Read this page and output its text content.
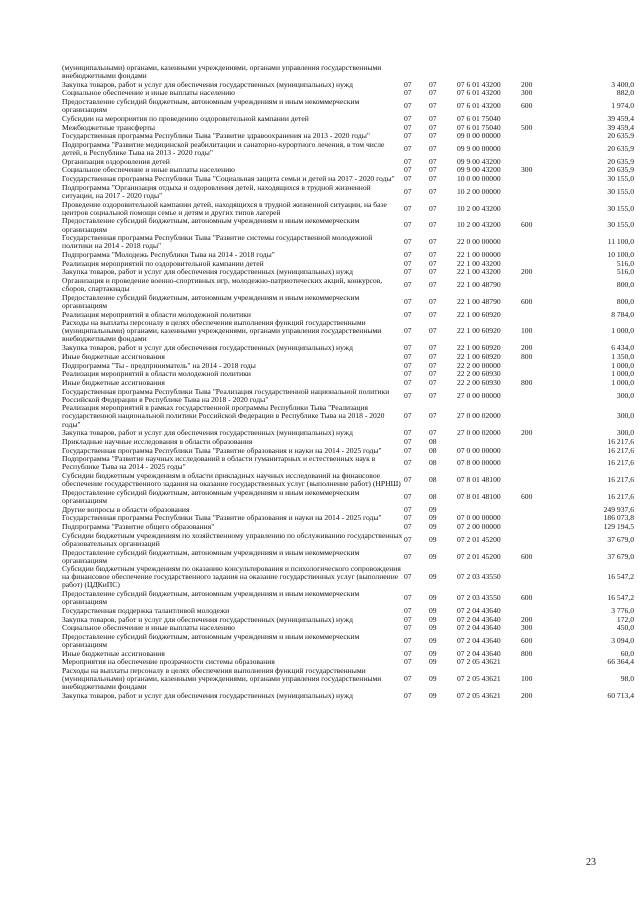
(муниципальными) органами, казенными учреждениями, органами управления государственными внебюджетными фондами					
Закупка товаров, работ и услуг для обеспечения государственных (муниципальных) нужд	07	07	07 6 01 43200	200	3 400,0
Социальное обеспечение и иные выплаты населению	07	07	07 6 01 43200	300	882,0
Предоставление субсидий бюджетным, автономным учреждениям и иным некоммерческим организациям	07	07	07 6 01 43200	600	1 974,0
Субсидии на мероприятия по проведению оздоровительной кампании детей	07	07	07 6 01 75040		39 459,4
Межбюджетные трансферты	07	07	07 6 01 75040	500	39 459,4
Государственная программа Республики Тыва "Развитие здравоохранения на 2013 - 2020 годы"	07	07	09 0 00 00000		20 635,9
Подпрограмма "Развитие медицинской реабилитации и санаторно-курортного лечения, в том числе детей, в Республике Тыва на 2013 - 2020 годы"	07	07	09 9 00 00000		20 635,9
Организация оздоровления детей	07	07	09 9 00 43200		20 635,9
Социальное обеспечение и иные выплаты населению	07	07	09 9 00 43200	300	20 635,9
Государственная программа Республики Тыва "Социальная защита семьи и детей на 2017 - 2020 годы"	07	07	10 0 00 00000		30 155,0
Подпрограмма "Организация отдыха и оздоровления детей, находящихся в трудной жизненной ситуации, на 2017 - 2020 годы"	07	07	10 2 00 00000		30 155,0
Проведение оздоровительной кампании детей, находящихся в трудной жизненной ситуации, на базе центров социальной помощи семье и детям и других типов лагерей	07	07	10 2 00 43200		30 155,0
Предоставление субсидий бюджетным, автономным учреждениям и иным некоммерческим организациям	07	07	10 2 00 43200	600	30 155,0
Государственная программа Республики Тыва "Развитие системы государственной молодежной политики на 2014 - 2018 годы"	07	07	22 0 00 00000		11 100,0
Подпрограмма "Молодежь Республики Тыва на 2014 - 2018 годы"	07	07	22 1 00 00000		10 100,0
Реализация мероприятий по оздоровительной кампании детей	07	07	22 1 00 43200		516,0
Закупка товаров, работ и услуг для обеспечения государственных (муниципальных) нужд	07	07	22 1 00 43200	200	516,0
Организация и проведение военно-спортивных игр, молодежно-патриотических акций, конкурсов, сборов, спартакиады	07	07	22 1 00 48790		800,0
Предоставление субсидий бюджетным, автономным учреждениям и иным некоммерческим организациям	07	07	22 1 00 48790	600	800,0
Реализация мероприятий в области молодежной политики	07	07	22 1 00 60920		8 784,0
Расходы на выплаты персоналу в целях обеспечения выполнения функций государственными (муниципальными) органами, казенными учреждениями, органами управления государственными внебюджетными фондами	07	07	22 1 00 60920	100	1 000,0
Закупка товаров, работ и услуг для обеспечения государственных (муниципальных) нужд	07	07	22 1 00 60920	200	6 434,0
Иные бюджетные ассигнования	07	07	22 1 00 60920	800	1 350,0
Подпрограмма "Ты - предприниматель" на 2014 - 2018 годы	07	07	22 2 00 00000		1 000,0
Реализация мероприятий в области молодежной политики	07	07	22 2 00 60930		1 000,0
Иные бюджетные ассигнования	07	07	22 2 00 60930	800	1 000,0
Государственная программа Республики Тыва "Реализация государственной национальной политики Российской Федерации в Республике Тыва на 2018 - 2020 годы"	07	07	27 0 00 00000		300,0
Реализация мероприятий в рамках государственной программы Республики Тыва "Реализация государственной национальной политики Российской Федерации в Республике Тыва на 2018 - 2020 годы"	07	07	27 0 00 02000		300,0
Закупка товаров, работ и услуг для обеспечения государственных (муниципальных) нужд	07	07	27 0 00 02000	200	300,0
Прикладные научные исследования в области образования	07	08			16 217,6
Государственная программа Республики Тыва "Развитие образования и науки на 2014 - 2025 годы"	07	08	07 0 00 00000		16 217,6
Подпрограмма "Развитие научных исследований в области гуманитарных и естественных наук в Республике Тыва на 2014 - 2025 годы"	07	08	07 8 00 00000		16 217,6
Субсидии бюджетным учреждениям в области прикладных научных исследований на финансовое обеспечение государственного задания на оказание государственных услуг (выполнение работ) (НРНШ)	07	08	07 8 01 48100		16 217,6
Предоставление субсидий бюджетным, автономным учреждениям и иным некоммерческим организациям	07	08	07 8 01 48100	600	16 217,6
Другие вопросы в области образования	07	09			249 937,6
Государственная программа Республики Тыва "Развитие образования и науки на 2014 - 2025 годы"	07	09	07 0 00 00000		186 073,8
Подпрограмма "Развитие общего образования"	07	09	07 2 00 00000		129 194,5
Субсидии бюджетным учреждениям по хозяйственному управлению по обслуживанию государственных образовательных организаций	07	09	07 2 01 45200		37 679,0
Предоставление субсидий бюджетным, автономным учреждениям и иным некоммерческим организациям	07	09	07 2 01 45200	600	37 679,0
Субсидии бюджетным учреждениям по оказанию консультирования и психологического сопровождения на финансовое обеспечение государственного задания на оказание государственных услуг (выполнение работ) (ЦДКиПС)	07	09	07 2 03 43550		16 547,2
Предоставление субсидий бюджетным, автономным учреждениям и иным некоммерческим организациям	07	09	07 2 03 43550	600	16 547,2
Государственная поддержка талантливой молодежи	07	09	07 2 04 43640		3 776,0
Закупка товаров, работ и услуг для обеспечения государственных (муниципальных) нужд	07	09	07 2 04 43640	200	172,0
Социальное обеспечение и иные выплаты населению	07	09	07 2 04 43640	300	450,0
Предоставление субсидий бюджетным, автономным учреждениям и иным некоммерческим организациям	07	09	07 2 04 43640	600	3 094,0
Иные бюджетные ассигнования	07	09	07 2 04 43640	800	60,0
Мероприятия на обеспечение прозрачности системы образования	07	09	07 2 05 43621		66 364,4
Расходы на выплаты персоналу в целях обеспечения выполнения функций государственными (муниципальными) органами, казенными учреждениями, органами управления государственными внебюджетными фондами	07	09	07 2 05 43621	100	98,0
Закупка товаров, работ и услуг для обеспечения государственных (муниципальных) нужд	07	09	07 2 05 43621	200	60 713,4
23
